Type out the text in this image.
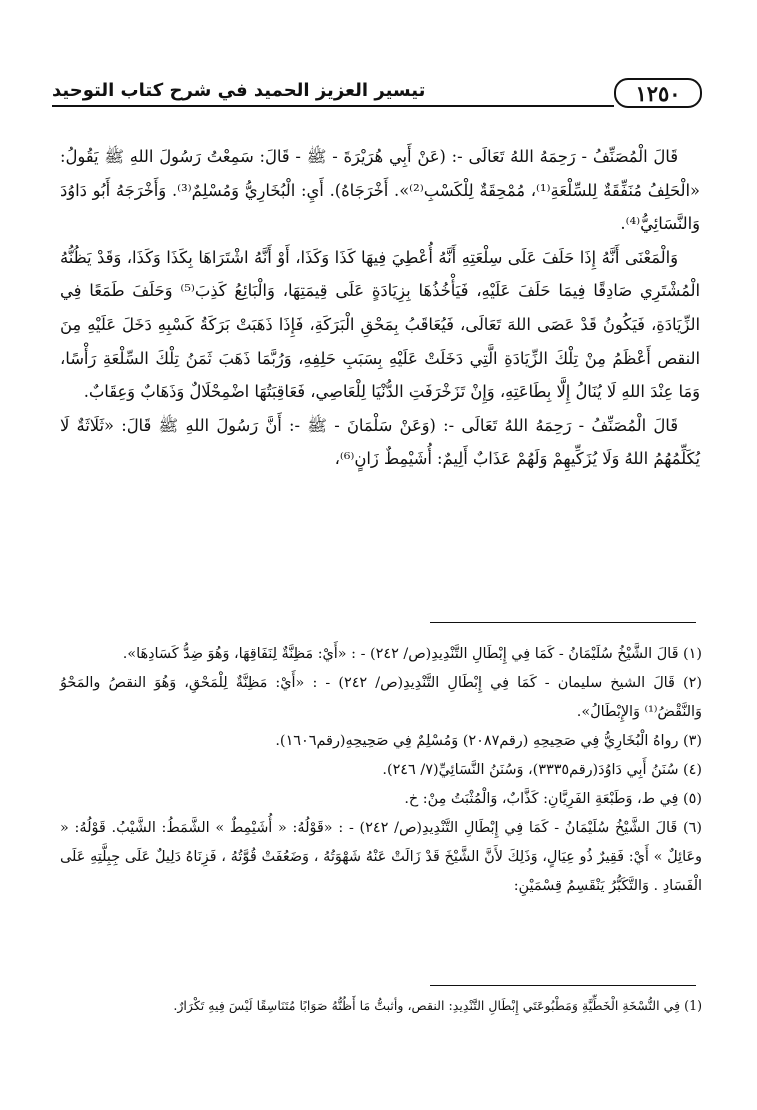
١٢٥٠
تيسير العزيز الحميد في شرح كتاب التوحيد

قَالَ الْمُصَنِّفُ - رَحِمَهُ اللهُ تَعَالَى -: (عَنْ أَبِي هُرَيْرَةَ - ﷺ - قَالَ: سَمِعْتُ رَسُولَ اللهِ ﷺ يَقُولُ: «الْحَلِفُ مُنَفِّقَةٌ لِلسِّلْعَةِ⁽¹⁾، مُمْحِقَةٌ لِلْكَسْبِ⁽²⁾». أَخْرَجَاهُ). أَيِ: الْبُخَارِيُّ وَمُسْلِمٌ⁽³⁾. وَأَخْرَجَهُ أَبُو دَاوُدَ وَالنَّسَائِيُّ⁽⁴⁾.

وَالْمَعْنَى أَنَّهُ إِذَا حَلَفَ عَلَى سِلْعَتِهِ أَنَّهُ أُعْطِيَ فِيهَا كَذَا وَكَذَا، أَوْ أَنَّهُ اشْتَرَاهَا بِكَذَا وَكَذَا، وَقَدْ يَظُنُّهُ الْمُشْتَرِي صَادِقًا فِيمَا حَلَفَ عَلَيْهِ، فَيَأْخُذُهَا بِزِيَادَةٍ عَلَى قِيمَتِهَا، وَالْبَائِعُ كَذِبَ⁽⁵⁾ وَحَلَفَ طَمَعًا فِي الزِّيَادَةِ، فَيَكُونُ قَدْ عَصَى اللهَ تَعَالَى، فَيُعَاقَبُ بِمَحْقِ الْبَرَكَةِ، فَإِذَا ذَهَبَتْ بَرَكَةُ كَسْبِهِ دَخَلَ عَلَيْهِ مِنَ النقص أَعْظَمُ مِنْ تِلْكَ الزِّيَادَةِ الَّتِي دَخَلَتْ عَلَيْهِ بِسَبَبِ حَلِفِهِ، وَرُبَّمَا ذَهَبَ ثَمَنُ تِلْكَ السِّلْعَةِ رَأْسًا، وَمَا عِنْدَ اللهِ لَا يُنَالُ إِلَّا بِطَاعَتِهِ، وَإِنْ تَزَخْرَفَتِ الدُّنْيَا لِلْعَاصِي، فَعَاقِبَتُهَا اضْمِحْلَالٌ وَذَهَابٌ وَعِقَابٌ.

قَالَ الْمُصَنِّفُ - رَحِمَهُ اللهُ تَعَالَى -: (وَعَنْ سَلْمَانَ - ﷺ -: أَنَّ رَسُولَ اللهِ ﷺ قَالَ: «ثَلَاثَةٌ لَا يُكَلِّمُهُمُ اللهُ وَلَا يُزَكِّيهِمْ وَلَهُمْ عَذَابٌ أَلِيمٌ: أُشَيْمِطٌ زَانٍ⁽⁶⁾،

(١) قَالَ الشَّيْخُ سُلَيْمَانُ - كَمَا فِي إِبْطَالِ التَّنْدِيدِ(ص/ ٢٤٢) - : «أَيْ: مَظِنَّةٌ لِنَفَاقِهَا، وَهُوَ ضِدُّ كَسَادِهَا».

(٢) قَالَ الشيخ سليمان - كَمَا فِي إِبْطَالِ التَّنْدِيدِ(ص/ ٢٤٢) - : «أَيْ: مَظِنَّةٌ لِلْمَحْقِ، وَهُوَ النقصُ والمَحْوُ وَالنَّقْضُ⁽¹⁾ وَالإِبْطَالُ».

(٣) رواهُ الْبُخَارِيُّ فِي صَحِيحِهِ (رقم٢٠٨٧) وَمُسْلِمٌ فِي صَحِيحِهِ(رقم١٦٠٦).

(٤) سُنَنُ أَبِي دَاوُدَ(رقم٣٣٣٥)، وَسُنَنُ النَّسَائِيِّ(٧/ ٢٤٦).

(٥) فِي ط، وَطَبْعَةِ الفَرِيَّانِ: كَذَّابٌ، وَالْمُثْبَتُ مِنْ: خ.

(٦) قَالَ الشَّيْخُ سُلَيْمَانُ - كَمَا فِي إِبْطَالِ التَّنْدِيدِ(ص/ ٢٤٢) - : «قَوْلُهُ: « أُشَيْمِطٌ » الشَّمَطُ: الشَّيْبُ. قَوْلُهُ: « وعَائِلٌ » أَيْ: فَقِيرٌ ذُو عِيَالٍ، وَذَلِكَ لأَنَّ الشَّيْخَ قَدْ زَالَتْ عَنْهُ شَهْوَتُهُ ، وَضَعُفَتْ قُوَّتُهُ ، فَزِنَاهُ دَلِيلٌ عَلَى جِبِلَّتِهِ عَلَى الْفَسَادِ . وَالتَّكَبُّرُ يَنْقَسِمُ قِسْمَيْنِ:

(1) فِي النُّسْخَةِ الْخَطِّيَّةِ وَمَطْبُوعَتَي إِبْطَالِ التَّنْدِيدِ: النقص، وأثبتُّ مَا أَظُنُّهُ صَوَابًا مُتَنَاسِقًا لَيْسَ فِيهِ تَكْرَارٌ.
